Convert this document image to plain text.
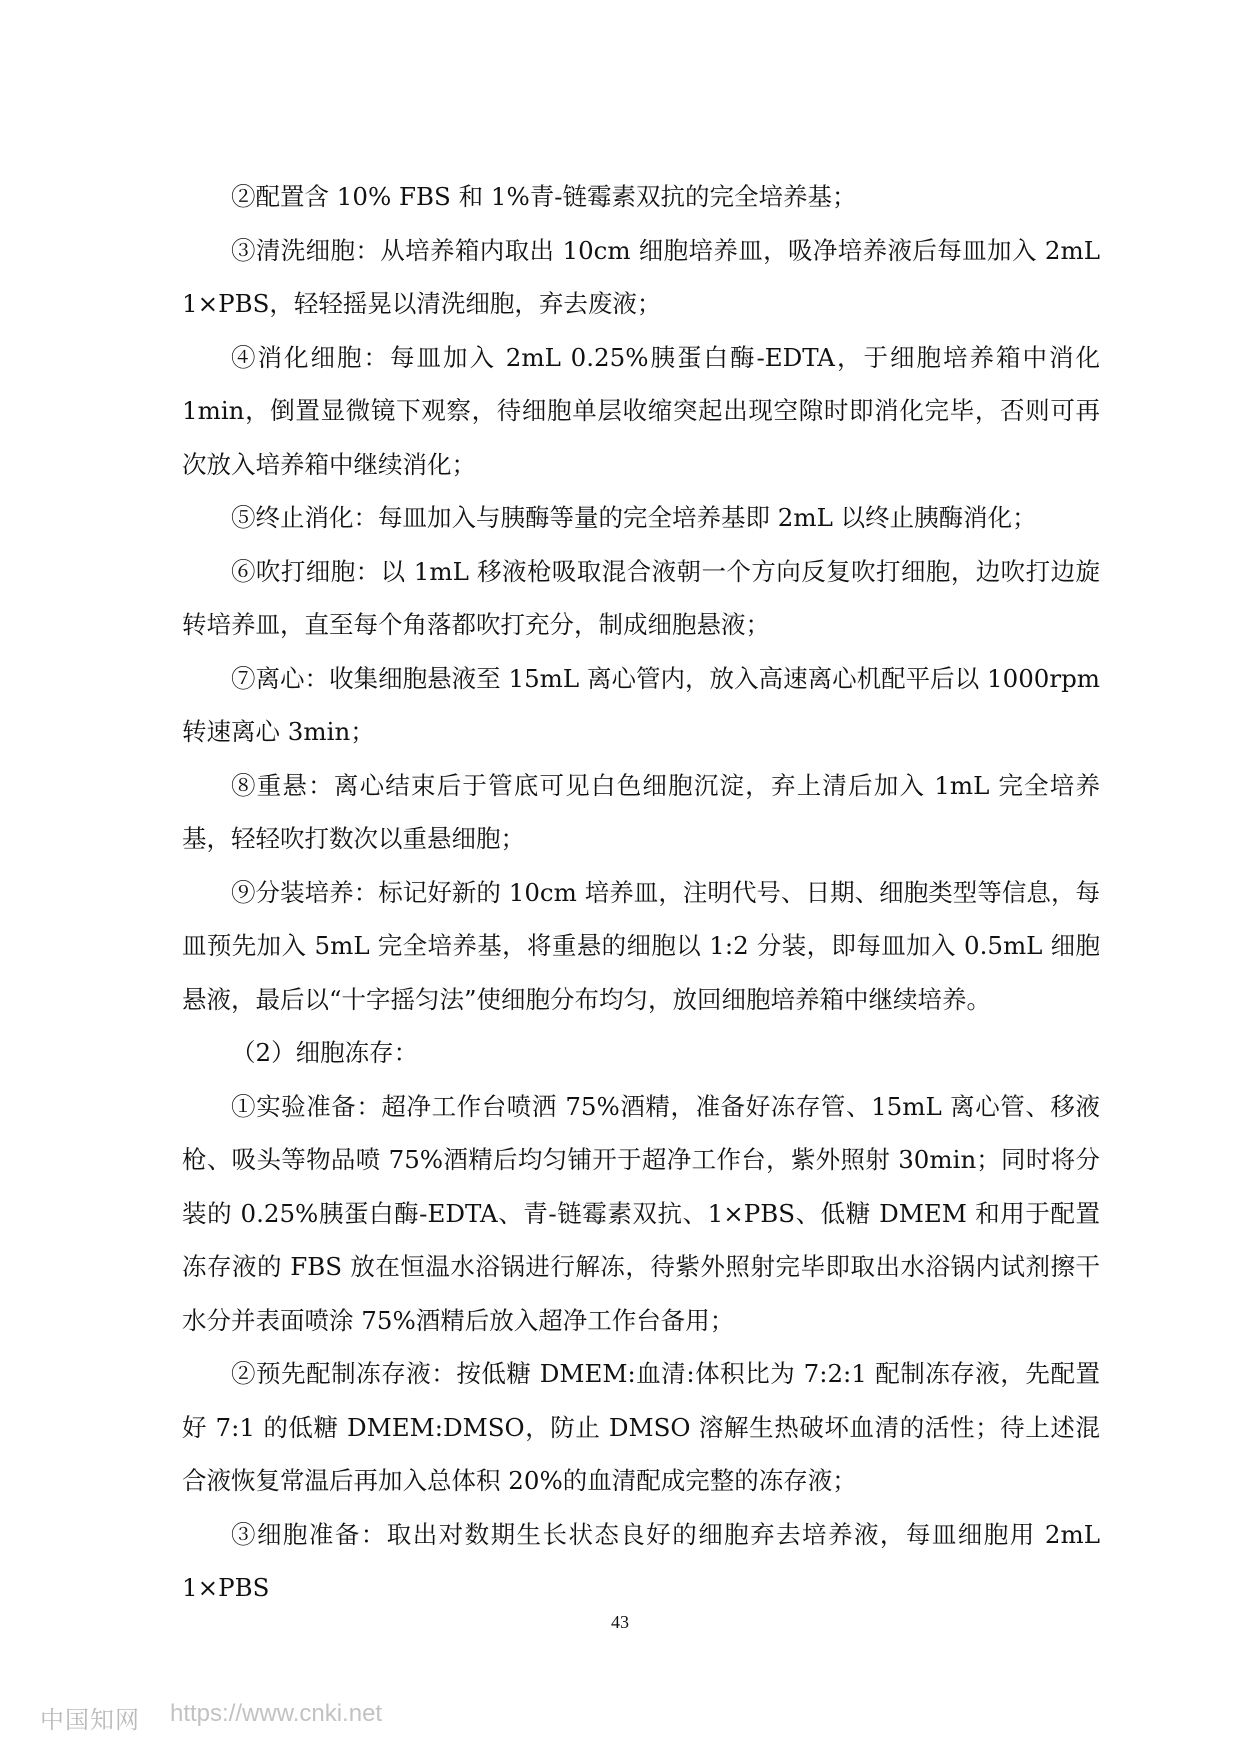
②配置含 10% FBS 和 1%青-链霉素双抗的完全培养基；

③清洗细胞：从培养箱内取出 10cm 细胞培养皿，吸净培养液后每皿加入 2mL 1×PBS，轻轻摇晃以清洗细胞，弃去废液；

④消化细胞：每皿加入 2mL 0.25%胰蛋白酶-EDTA，于细胞培养箱中消化 1min，倒置显微镜下观察，待细胞单层收缩突起出现空隙时即消化完毕，否则可再次放入培养箱中继续消化；

⑤终止消化：每皿加入与胰酶等量的完全培养基即 2mL 以终止胰酶消化；

⑥吹打细胞：以 1mL 移液枪吸取混合液朝一个方向反复吹打细胞，边吹打边旋转培养皿，直至每个角落都吹打充分，制成细胞悬液；

⑦离心：收集细胞悬液至 15mL 离心管内，放入高速离心机配平后以 1000rpm 转速离心 3min；

⑧重悬：离心结束后于管底可见白色细胞沉淀，弃上清后加入 1mL 完全培养基，轻轻吹打数次以重悬细胞；

⑨分装培养：标记好新的 10cm 培养皿，注明代号、日期、细胞类型等信息，每皿预先加入 5mL 完全培养基，将重悬的细胞以 1:2 分装，即每皿加入 0.5mL 细胞悬液，最后以“十字摇匀法”使细胞分布均匀，放回细胞培养箱中继续培养。

（2）细胞冻存：

①实验准备：超净工作台喷洒 75%酒精，准备好冻存管、15mL 离心管、移液枪、吸头等物品喷 75%酒精后均匀铺开于超净工作台，紫外照射 30min；同时将分装的 0.25%胰蛋白酶-EDTA、青-链霉素双抗、1×PBS、低糖 DMEM 和用于配置冻存液的 FBS 放在恒温水浴锅进行解冻，待紫外照射完毕即取出水浴锅内试剂擦干水分并表面喷涂 75%酒精后放入超净工作台备用；

②预先配制冻存液：按低糖 DMEM:血清:体积比为 7:2:1 配制冻存液，先配置好 7:1 的低糖 DMEM:DMSO，防止 DMSO 溶解生热破坏血清的活性；待上述混合液恢复常温后再加入总体积 20%的血清配成完整的冻存液；

③细胞准备：取出对数期生长状态良好的细胞弃去培养液，每皿细胞用 2mL 1×PBS

43
中国知网 https://www.cnki.net
